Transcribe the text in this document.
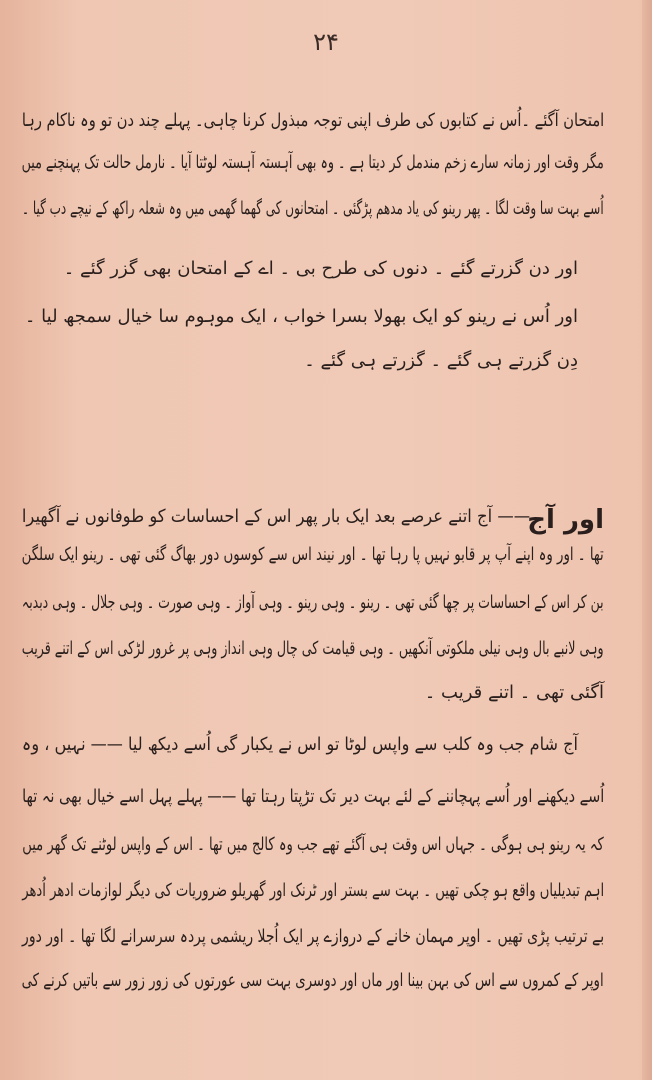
۲۴
امتحان آگئے ۔اُس نے کتابوں کی طرف اپنی توجہ مبذول کرنا چاہی۔ پہلے چند دن تو وہ ناکام رہا
مگر وقت اور زمانہ سارے زخم مندمل کر دیتا ہے ۔ وہ بھی آہستہ آہستہ لوٹتا آیا ۔ نارمل حالت تک پہنچنے میں
اُسے بہت سا وقت لگا ۔ پھر رینو کی یاد مدھم پڑگئی ۔ امتحانوں کی گھما گھمی میں وہ شعلہ راکھ کے نیچے دب گیا ۔
اور دن گزرتے گئے ۔ دنوں کی طرح بی ۔ اے کے امتحان بھی گزر گئے ۔
اور اُس نے رینو کو ایک بھولا بسرا خواب ، ایک موہوم سا خیال سمجھ لیا ۔
دِن گزرتے ہی گئے ۔ گزرتے ہی گئے ۔
اور آج
—— آج اتنے عرصے بعد ایک بار پھر اس کے احساسات کو طوفانوں نے آگھیرا
تھا ۔ اور وہ اپنے آپ پر قابو نہیں پا رہا تھا ۔ اور نیند اس سے کوسوں دور بھاگ گئی تھی ۔ رینو ایک سلگن
بن کر اس کے احساسات پر چھا گئی تھی ۔ رینو ۔ وہی رینو ۔ وہی آواز ۔ وہی صورت ۔ وہی جلال ۔ وہی دبدبہ
وہی لانبے بال وہی نیلی ملکوتی آنکھیں ۔ وہی قیامت کی چال وہی انداز وہی پر غرور لڑکی اس کے اتنے قریب
آگئی تھی ۔ اتنے قریب ۔
آج شام جب وہ کلب سے واپس لوٹا تو اس نے یکبار گی اُسے دیکھ لیا —— نہیں ، وہ
اُسے دیکھنے اور اُسے پہچاننے کے لئے بہت دیر تک تڑپتا رہتا تھا —— پہلے پہل اسے خیال بھی نہ تھا
کہ یہ رینو ہی ہوگی ۔ جہاں اس وقت ہی آگئے تھے جب وہ کالج میں تھا ۔ اس کے واپس لوٹنے تک گھر میں
اہم تبدیلیاں واقع ہو چکی تھیں ۔ بہت سے بستر اور ٹرنک اور گھریلو ضروریات کی دیگر لوازمات ادھر اُدھر
بے ترتیب پڑی تھیں ۔ اوپر مہمان خانے کے دروازے پر ایک اُجلا ریشمی پردہ سرسرانے لگا تھا ۔ اور دور
اوپر کے کمروں سے اس کی بہن بینا اور ماں اور دوسری بہت سی عورتوں کی زور زور سے باتیں کرنے کی
